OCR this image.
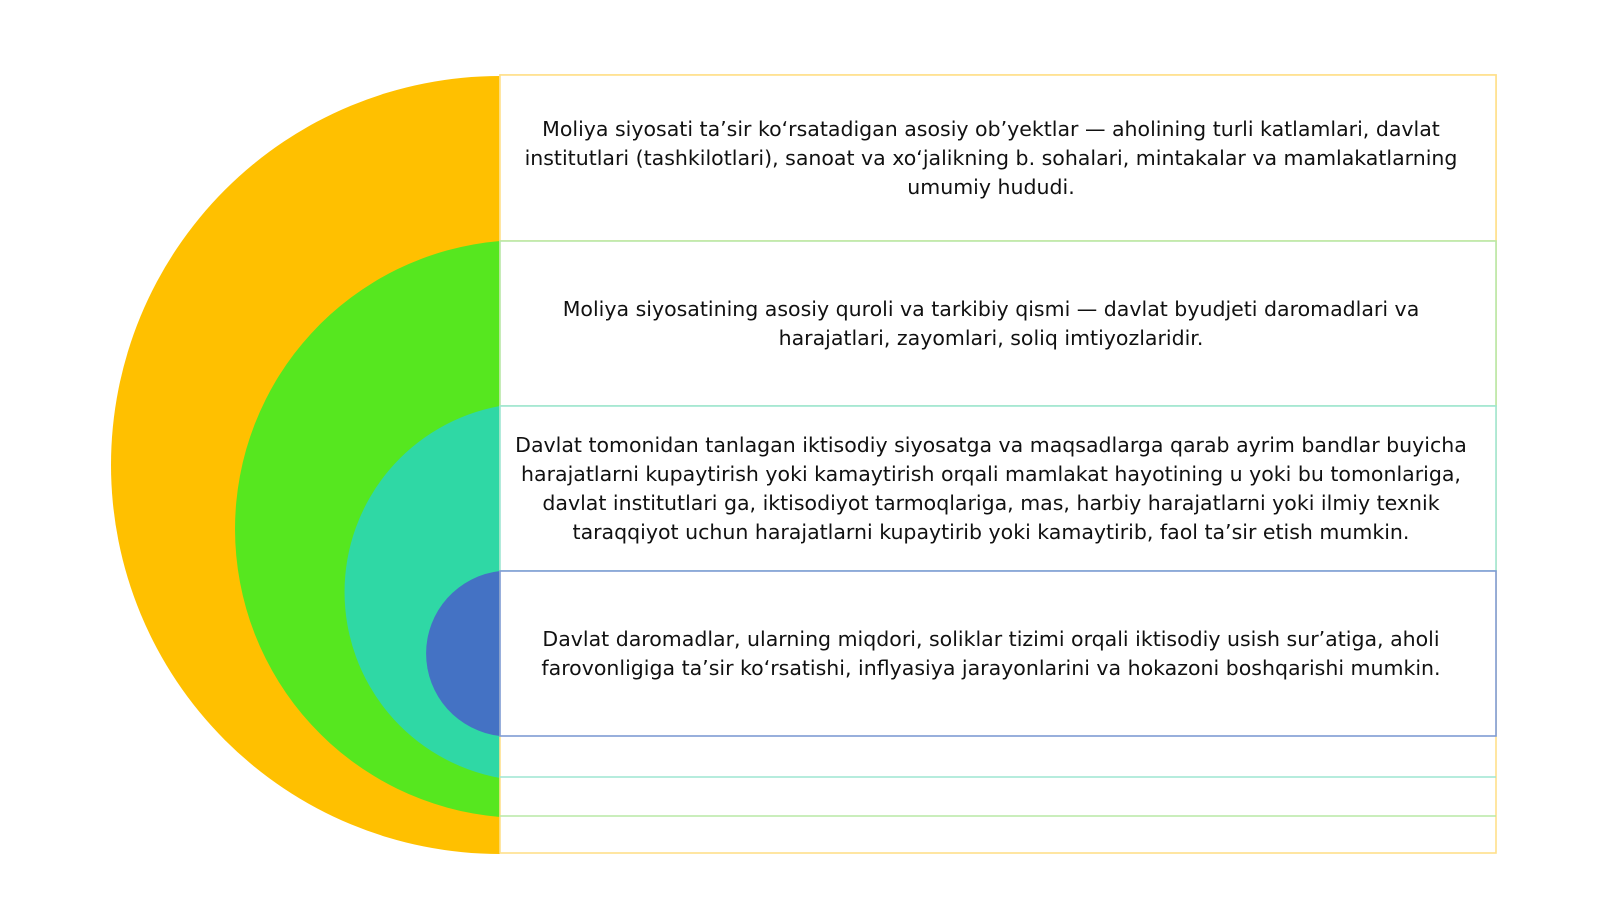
Moliya siyosati ta’sir koʻrsatadigan asosiy ob’yektlar — aholining turli katlamlari, davlat institutlari (tashkilotlari), sanoat va xoʻjalikning b. sohalari, mintakalar va mamlakatlarning umumiy hududi.
Moliya siyosatining asosiy quroli va tarkibiy qismi — davlat byudjeti daromadlari va harajatlari, zayomlari, soliq imtiyozlaridir.
Davlat tomonidan tanlagan iktisodiy siyosatga va maqsadlarga qarab ayrim bandlar buyicha harajatlarni kupaytirish yoki kamaytirish orqali mamlakat hayotining u yoki bu tomonlariga, davlat institutlari ga, iktisodiyot tarmoqlariga, mas, harbiy harajatlarni yoki ilmiy texnik taraqqiyot uchun harajatlarni kupaytirib yoki kamaytirib, faol ta’sir etish mumkin.
Davlat daromadlar, ularning miqdori, soliklar tizimi orqali iktisodiy usish sur’atiga, aholi farovonligiga ta’sir koʻrsatishi, inflyasiya jarayonlarini va hokazoni boshqarishi mumkin.
